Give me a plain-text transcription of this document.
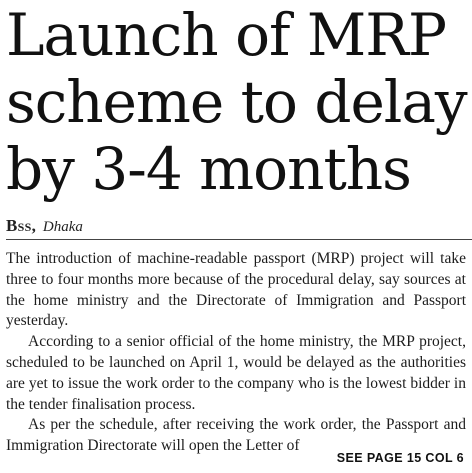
Launch of MRP
scheme to delay
by 3-4 months
Bss, Dhaka

The introduction of machine-readable passport (MRP) project will take three to four months more because of the procedural delay, say sources at the home ministry and the Directorate of Immigration and Passport yesterday.

According to a senior official of the home ministry, the MRP project, scheduled to be launched on April 1, would be delayed as the authorities are yet to issue the work order to the company who is the lowest bidder in the tender finalisation process.

As per the schedule, after receiving the work order, the Passport and Immigration Directorate will open the Letter of

SEE PAGE 15 COL 6
